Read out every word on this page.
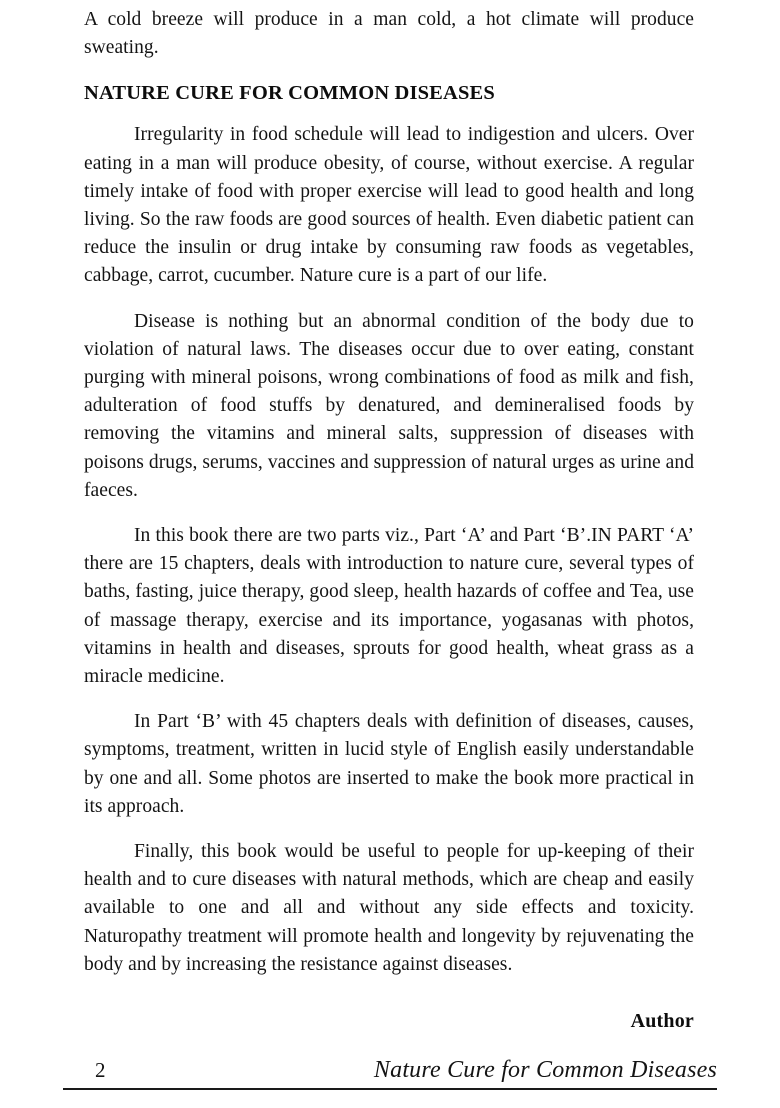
A cold breeze will produce in a man cold, a hot climate will produce sweating.

NATURE CURE FOR COMMON DISEASES

Irregularity in food schedule will lead to indigestion and ulcers. Over eating in a man will produce obesity, of course, without exercise. A regular timely intake of food with proper exercise will lead to good health and long living. So the raw foods are good sources of health. Even diabetic patient can reduce the insulin or drug intake by consuming raw foods as vegetables, cabbage, carrot, cucumber. Nature cure is a part of our life.

Disease is nothing but an abnormal condition of the body due to violation of natural laws. The diseases occur due to over eating, constant purging with mineral poisons, wrong combinations of food as milk and fish, adulteration of food stuffs by denatured, and demineralised foods by removing the vitamins and mineral salts, suppression of diseases with poisons drugs, serums, vaccines and suppression of natural urges as urine and faeces.

In this book there are two parts viz., Part ‘A’ and Part ‘B’.IN PART ‘A’ there are 15 chapters, deals with introduction to nature cure, several types of baths, fasting, juice therapy, good sleep, health hazards of coffee and Tea, use of massage therapy, exercise and its importance, yogasanas with photos, vitamins in health and diseases, sprouts for good health, wheat grass as a miracle medicine.

In Part ‘B’ with 45 chapters deals with definition of diseases, causes, symptoms, treatment, written in lucid style of English easily understandable by one and all. Some photos are inserted to make the book more practical in its approach.

Finally, this book would be useful to people for up-keeping of their health and to cure diseases with natural methods, which are cheap and easily available to one and all and without any side effects and toxicity. Naturopathy treatment will promote health and longevity by rejuvenating the body and by increasing the resistance against diseases.

Author
2	Nature Cure for Common Diseases
